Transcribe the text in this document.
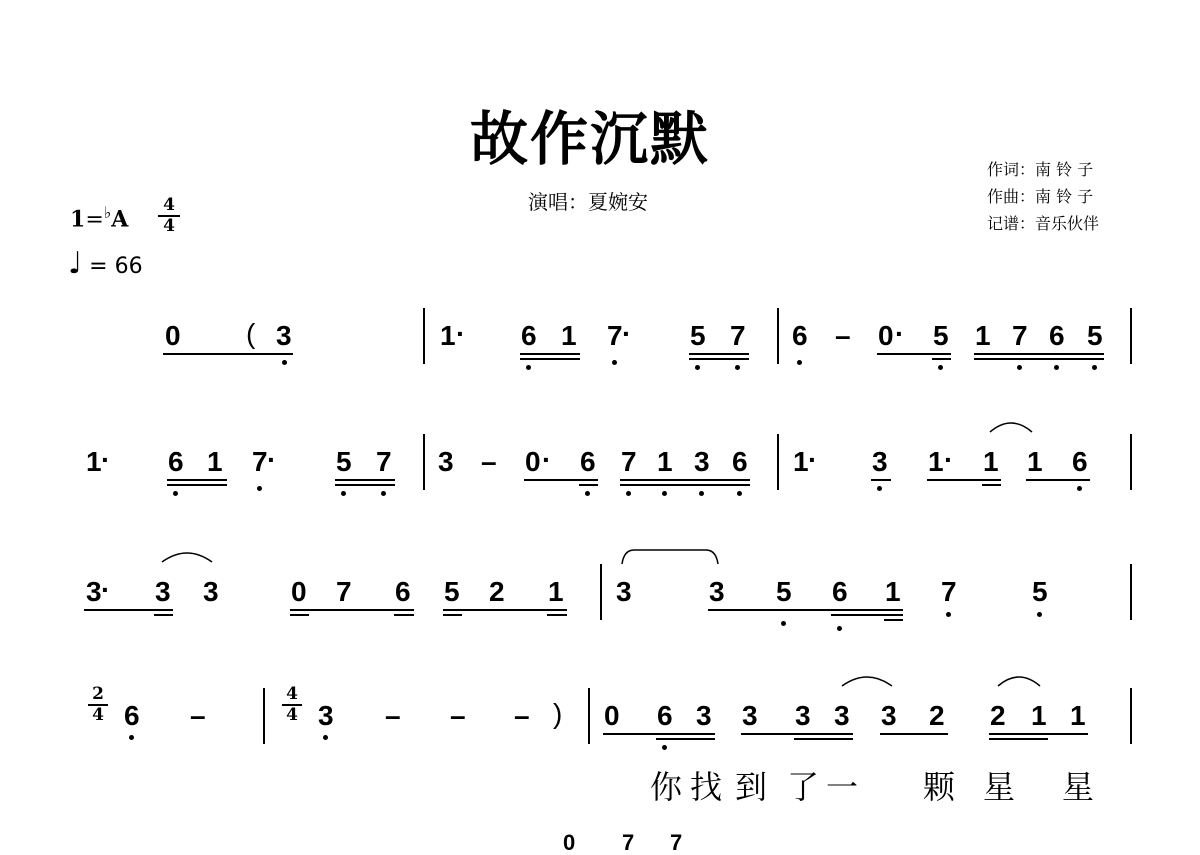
故作沉默
演唱：夏婉安
作词：南 铃 子
作曲：南 铃 子
记谱：音乐伙伴
1=♭A
4
4
♩ = 66
0 ( 3	1 · 6 1 7 · 5 7 6 – 0 · 5 1 7 6 5
1 · 6 1 7 · 5 7 3 – 0 · 6 7 1 3 6 1 · 3 1 · 1 1 6
3 · 3 3	0 7 6 5 2 1 3	3 5 6 1 7	5
2
4 6 –
4
4 3 – – – ) 0 6 3 3 3 3 3 2 2 1 1
你 找 到 了 一 颗 星 星
0 7 7
